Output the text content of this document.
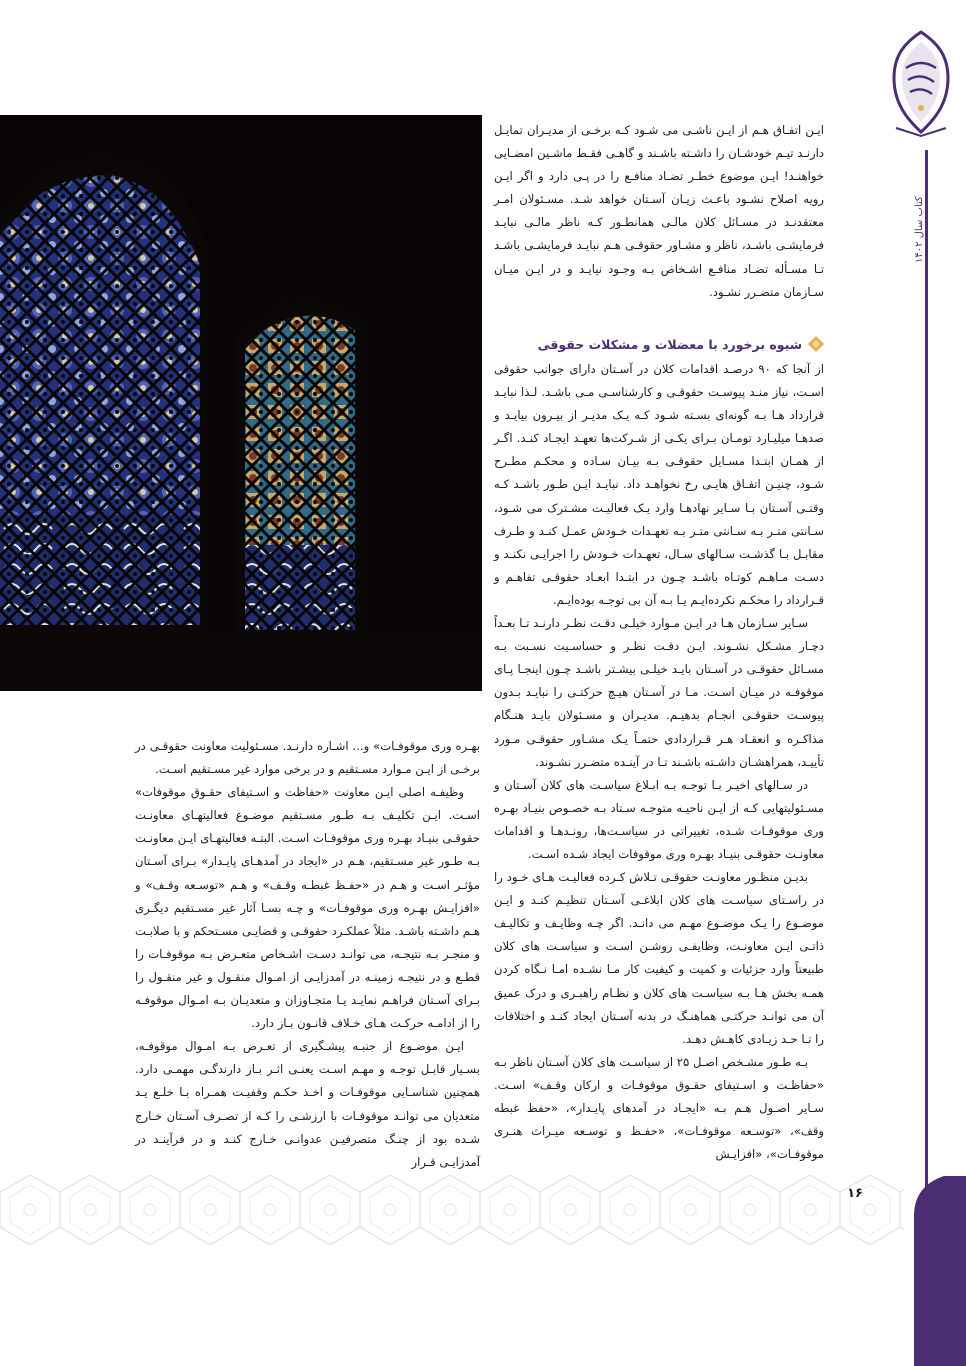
کتاب سال ۱۴۰۲

ایـن اتفـاق هـم از ایـن ناشـی می شـود کـه برخـی از مدیـران تمایـل دارنـد تیـم خودشـان را داشـته باشـند و گاهـی فقـط ماشـین امضـایی خواهنـد! ایـن موضوع خطـر تضـاد منافـع را در پـی دارد و اگر ایـن رویه اصلاح نشـود باعـث زیـان آسـتان خواهد شـد. مسـئولان امـر معتقدنـد در مسـائل کلان مالـی همانطـور کـه ناظر مالـی نبایـد فرمایشـی باشـد، ناظر و مشـاور حقوقـی هـم نبایـد فرمایشـی باشـد تـا مسـأله تضـاد منافـع اشـخاص بـه وجـود نیایـد و در ایـن میـان سـازمان متضـرر نشـود.

شیوه برخورد با معضلات و مشکلات حقوقی

از آنجا که ۹۰ درصـد اقدامات کلان در آسـتان دارای جوانب حقوقی اسـت، نیاز منـد پیوسـت حقوقـی و کارشناسـی مـی باشـد. لـذا نبایـد قرارداد هـا بـه گونه‌ای بسـته شـود کـه یـک مدیـر از بیـرون بیایـد و صدهـا میلیـارد تومـان بـرای یکـی از شـرکت‌ها تعهـد ایجـاد کنـد. اگـر از همـان ابتـدا مسـایل حقوقـی بـه بیـان سـاده و محکـم مطـرح شـود، چنیـن اتفـاق هایـی رخ نخواهـد داد. نبایـد ایـن طـور باشـد کـه وقتـی آسـتان بـا سـایر نهادهـا وارد یـک فعالیـت مشـترک می شـود، سـانتی متـر بـه سـانتی متـر بـه تعهـدات خـودش عمـل کنـد و طـرف مقابـل بـا گذشـت سـالهای سـال، تعهـدات خـودش را اجرایـی نکنـد و دسـت مـاهـم کوتـاه باشـد چـون در ابتـدا ابعـاد حقوقـی تفاهـم و قـرارداد را محکـم نکرده‌ایـم یـا بـه آن بی توجـه بوده‌ایـم.

سـایر سـازمان هـا در ایـن مـوارد خیلـی دقـت نظـر دارنـد تـا بعـداً دچـار مشـکل نشـوند. ایـن دقـت نظـر و حساسـیت نسـبت بـه مسـائل حقوقـی در آسـتان بایـد خیلـی بیشـتر باشـد چـون اینجـا پـای موقوفـه در میـان اسـت. مـا در آسـتان هیـچ حرکتـی را نبایـد بـدون پیوسـت حقوقـی انجـام بدهیـم. مدیـران و مسـئولان بایـد هنـگام مذاکـره و انعقـاد هـر قـراردادی حتمـاً یـک مشـاور حقوقـی مـورد تأییـد، همراهشـان داشـته باشـند تـا در آینـده متضـرر نشـوند.

در سـالهای اخیـر بـا توجـه بـه ابـلاغ سیاسـت های کلان آسـتان و مسـئولیتهایی کـه از ایـن ناحیـه متوجـه سـتاد بـه خصـوص بنیـاد بهـره وری موقوفـات شـده، تغییراتی در سیاسـت‌ها، رونـدهـا و اقدامات معاونـت حقوقـی بنیـاد بهـره وری موقوفات ایجاد شـده اسـت.

بدیـن منظـور معاونـت حقوقـی تـلاش کـرده فعالیـت هـای خـود را در راسـتای سیاسـت های کلان ابلاغـی آسـتان تنظیـم کنـد و ایـن موضـوع را یـک موضـوع مهـم می دانـد. اگر چـه وظایـف و تکالیـف ذاتـی ایـن معاونـت، وظایفـی روشـن اسـت و سیاسـت های کلان طبیعتاً وارد جزئیات و کمیت و کیفیت کار مـا نشـده امـا نـگاه کردن همـه بخش هـا بـه سیاسـت های کلان و نظـام راهبـری و درک عمیق آن می توانـد حرکتـی هماهنـگ در بدنه آسـتان ایجاد کنـد و اختلافات را تـا حـد زیـادی کاهـش دهـد.

بـه طـور مشـخص اصـل ۲۵ از سیاسـت های کلان آسـتان ناظر بـه «حفاظـت و اسـتیفای حقـوق موقوفـات و ارکان وقـف» اسـت. سـایر اصـول هـم بـه «ایجـاد در آمدهای پایـدار»، «حفظ غبطه وقف»، «توسـعه موقوفـات»، «حفـظ و توسـعه میـراث هنـری موقوفـات»، «افزایـش

بهـره وری موقوفـات» و... اشـاره دارنـد. مسـئولیت معاونت حقوقـی در برخـی از ایـن مـوارد مسـتقیم و در برخی موارد غیر مسـتقیم اسـت.

وظیفـه اصلی ایـن معاونت «حفاظت و اسـتیفای حقـوق موقوفات» اسـت. ایـن تکلیـف بـه طـور مسـتقیم موضـوع فعالیتهـای معاونـت حقوقـی بنیـاد بهـره وری موقوفـات اسـت. البتـه فعالیتهـای ایـن معاونـت بـه طـور غیر مسـتقیم، هـم در «ایجاد در آمدهـای پایـدار» بـرای آسـتان مؤثـر اسـت و هـم در «حفـظ غبطـه وقـف» و هـم «توسـعه وقـف» و «افزایـش بهـره وری موقوفـات» و چـه بسـا آثار غیر مسـتقیم دیگـری هـم داشـته باشـد. مثلاً عملکـرد حقوقـی و قضایـی مسـتحکم و با صلابـت و منجـر بـه نتیجـه، می توانـد دسـت اشـخاص متعـرض بـه موقوفـات را قطـع و در نتیجـه زمینـه در آمدزایـی از امـوال منقـول و غیر منقـول را بـرای آسـتان فراهـم نمایـد یـا متجـاوزان و متعدیـان بـه امـوال موقوفـه را از ادامـه حرکـت هـای خـلاف قانـون بـاز دارد.

ایـن موضـوع از جنبـه پیشـگیری از تعـرض بـه امـوال موقوفـه، بسـیار قابـل توجـه و مهـم اسـت یعنـی اثـر بـاز دارندگـی مهمـی دارد. همچنین شناسـایی موقوفـات و اخـذ حکـم وقفیـت همـراه بـا خلـع یـد متعدیان می توانـد موقوفـات با ارزشـی را کـه از تصـرف آسـتان خـارج شـده بود از چنـگ متصرفیـن عدوانـی خـارج کنـد و در فرآینـد در آمدزایـی قـرار

۱۶
